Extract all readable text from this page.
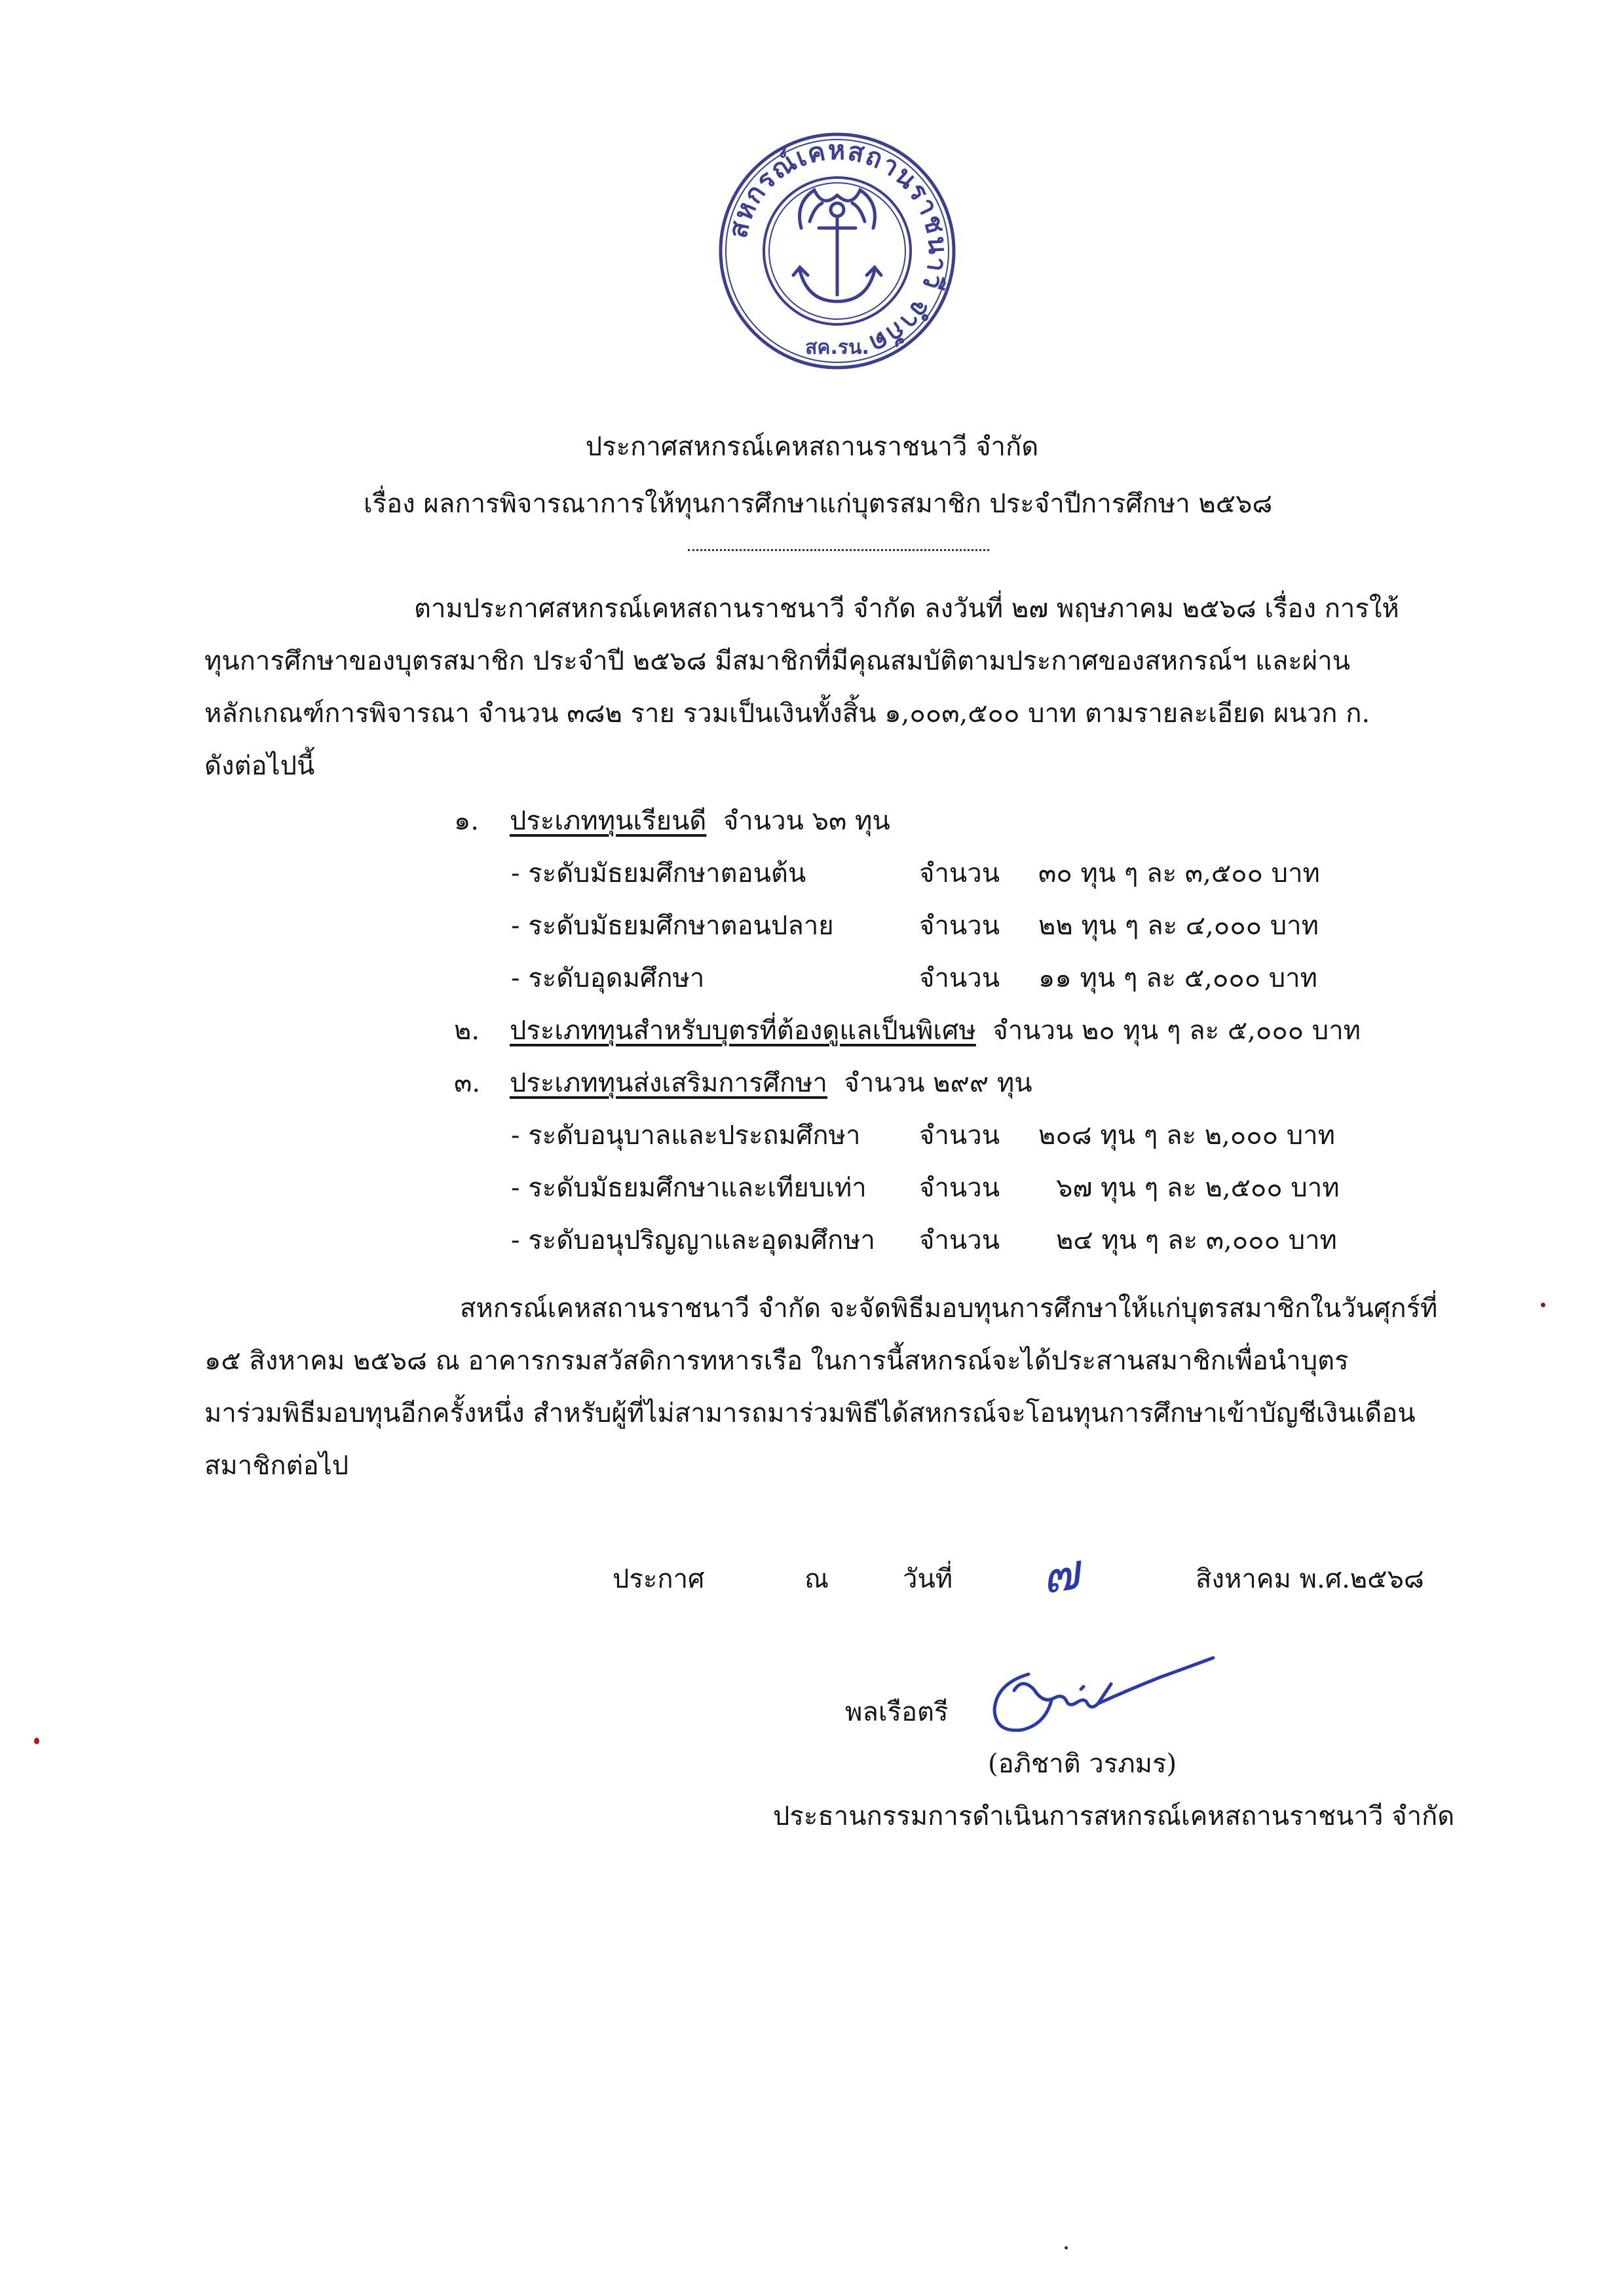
สหกรณ์เคหสถานราชนาวี จำกัด
สค.รน.
ประกาศสหกรณ์เคหสถานราชนาวี จำกัด
เรื่อง ผลการพิจารณาการให้ทุนการศึกษาแก่บุตรสมาชิก ประจำปีการศึกษา ๒๕๖๘
ตามประกาศสหกรณ์เคหสถานราชนาวี จำกัด ลงวันที่ ๒๗ พฤษภาคม ๒๕๖๘ เรื่อง การให้
ทุนการศึกษาของบุตรสมาชิก ประจำปี ๒๕๖๘ มีสมาชิกที่มีคุณสมบัติตามประกาศของสหกรณ์ฯ และผ่าน
หลักเกณฑ์การพิจารณา จำนวน ๓๘๒ ราย รวมเป็นเงินทั้งสิ้น ๑,๐๐๓,๕๐๐ บาท ตามรายละเอียด ผนวก ก.
ดังต่อไปนี้
๑. ประเภททุนเรียนดี จำนวน ๖๓ ทุน
- ระดับมัธยมศึกษาตอนต้น	จำนวน ๓๐ ทุน ๆ ละ ๓,๕๐๐ บาท
- ระดับมัธยมศึกษาตอนปลาย	จำนวน ๒๒ ทุน ๆ ละ ๔,๐๐๐ บาท
- ระดับอุดมศึกษา	จำนวน ๑๑ ทุน ๆ ละ ๕,๐๐๐ บาท
๒. ประเภททุนสำหรับบุตรที่ต้องดูแลเป็นพิเศษ จำนวน ๒๐ ทุน ๆ ละ ๕,๐๐๐ บาท
๓. ประเภททุนส่งเสริมการศึกษา จำนวน ๒๙๙ ทุน
- ระดับอนุบาลและประถมศึกษา จำนวน ๒๐๘ ทุน ๆ ละ ๒,๐๐๐ บาท
- ระดับมัธยมศึกษาและเทียบเท่า จำนวน ๖๗ ทุน ๆ ละ ๒,๕๐๐ บาท
- ระดับอนุปริญญาและอุดมศึกษา จำนวน ๒๔ ทุน ๆ ละ ๓,๐๐๐ บาท
สหกรณ์เคหสถานราชนาวี จำกัด จะจัดพิธีมอบทุนการศึกษาให้แก่บุตรสมาชิกในวันศุกร์ที่
๑๕ สิงหาคม ๒๕๖๘ ณ อาคารกรมสวัสดิการทหารเรือ ในการนี้สหกรณ์จะได้ประสานสมาชิกเพื่อนำบุตร
มาร่วมพิธีมอบทุนอีกครั้งหนึ่ง สำหรับผู้ที่ไม่สามารถมาร่วมพิธีได้สหกรณ์จะโอนทุนการศึกษาเข้าบัญชีเงินเดือน
สมาชิกต่อไป
ประกาศ	ณ	วันที่ ๗	สิงหาคม พ.ศ.๒๕๖๘
พลเรือตรี
(อภิชาติ วรภมร)
ประธานกรรมการดำเนินการสหกรณ์เคหสถานราชนาวี จำกัด
